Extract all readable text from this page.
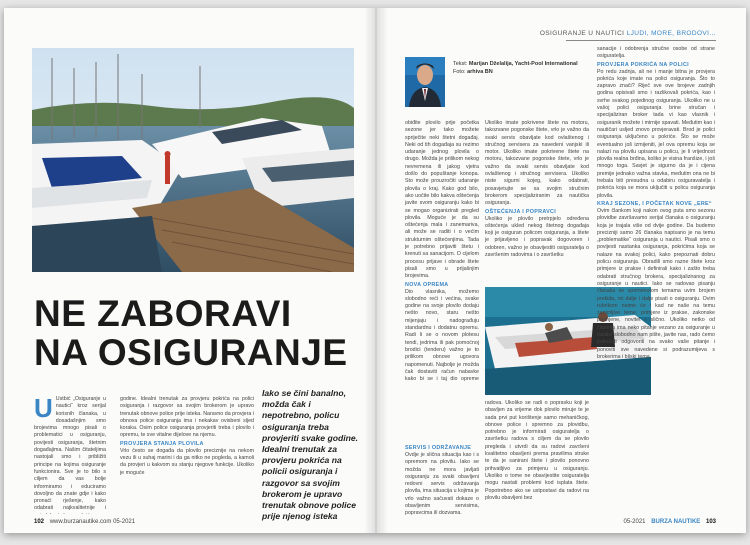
NE ZABORAVI
NA OSIGURANJE
U Ustbić „Osiguranje u nautici“ kroz serijal korisnih članaka, u dosadašnjim smo brojevima mnogo pisali o problematici u osiguranju, povijesti osiguranja, štetnim događajima. Našim čitateljima nastojali smo i približiti principe na kojima osiguranje funkcionira. Sve je to bilo s ciljem da vas bolje informiramo i educiramo dovoljno da znate gdje i kako pronaći rješenje, kako odabrati najkvalitetnije i

godine. Idealni trenutak za provjeru pokrića na polici osiguranja i razgovor sa svojim brokerom je upravo trenutak obnove police prije isteka. Naravno da provjera i obnova police osiguranja ima i nekakav ovisbeni sljed koraka. Osim police osiguranja provjeriti treba i plovilo i opremu, te sve vitalne dijelove na njemu.

PROVJERA STANJA PLOVILA

Vrlo često se događa da plovilo preciznije na nekom vezu ili u suhaj marini i da ga nitko ne pogleda, a kamoli da provjeri u kakvom su stanju njegove funkcije. Ukoliko je moguće

Iako se čini banalno, možda čak i nepotrebno, policu osiguranja treba provjeriti svake godine. Idealni trenutak za provjeru pokrića na policii osiguranja i razgovor sa svojim brokerom je upravo trenutak obnove police prije njenog isteka
102 www.burzanautike.com 05-2021
OSIGURANJE U NAUTICI LJUDI, MORE, BRODOVI...
Tekst: Marijan Dželalija, Yacht-Pool International
Foto: arhiva BN

obiđite plovilo prije početka sezone jer tako možete spriječite neki štetni događaj. Neki od tih događaja su rezimo udaranje jednog plovila o drugo. Možda je prilikom nekog nevremena ili jakog vjetra došlo do popuštanje konopa. Sto može prouzročiti udaranje plovila o kraj. Kako god bilo, ako uočite bilo kakva oštećenja javite svom osiguranju kako bi se mogao organizirati pregled plovila. Moguće je da su oštećenja mala i zanemariva, ali može se raditi i o većim strukturnim oštećenjima. Tada je potrebno prijaviti štetu i krenuti sa sanacijom. O cijelom procesu prijave i obrade štete pisali smo u prijašnjim brojevima.

NOVA OPREMA

Dio vlasnika, možemo slobodno reći i većina, svake godine na svoje plovilo dodaju nešto novo, staru nešto mijenjaju i nadograđuju standardnu i dodatnu opremu. Radi li se o novom plotesu tendi, jedrima ili pak pomoćnoj brodici (tenderu) važno je to prilikom obnove ugovora napomenuti. Najbolje je možda čak dostaviti račun nabavke kako bi se i taj dio opreme

SERVIS I ODRŽAVANJE

Ovdje je slična situacija kao i s opremom na plovilu. Iako se možda ne mora javljati osiguranju za svaki obavljeni redovni servis održavanja plovila, ima situacija u kojima je vrlo važno sačuvati dokaze o obavljenim servisima, popravcima ili dozvama.

Ukoliko imate pokrivene štete na motoru, takozvane pogonske štete, vrlo je važno da svaki servis obavljate kod ovlaštenog i stručnog servisera za navedeni vanjski ili motor. Ukoliko imate pokrivene štete na motoru, takozvane pogonske štete, vrlo je važno da svaki servis obavljate kod ovlaštenog i stručnog servisera. Ukoliko niste sigurni kojeg, kako odabrati, posavjetujte se sa svojim stručnim brokerom specijaliziranim za nautička osiguranja.

OŠTEĆENJA I POPRAVCI

Ukoliko je plovilo pretrpjelo određena oštećenja ukled nekog štetnog događaja koji je osiguran policom osiguranja, a štete je prijavljeno i popravak dogovoren i odobren, važno je obavijestiti osiguratelja o završenim radovima i o završetku

radova. Ukoliko se radi o popravku koji je obavljen za vrijeme dok plovilo miruje te je sada prvi put korištenje samo mehaničkog, obnove police i spremno za plovidbu, potrebno je informirati osiguratelja o završetku radova s ciljem da se plovilo pregleda i utvrdi da su radovi završeni kvalitetno obavljeni prema pravilima struke te da je sanirani štete i plovilo ponovno prihvatljivo za primjenu u osiguranju. Ukoliko o tome ne obavijestite osiguratelja mogu nastati problemi kod isplata štete. Popotrebno ako se ustpostavi da radovi na plovilu obavljeni bez

sanacije i odobrenja stručne osobe od strane osiguratelja.

PROVJERA POKRIĆA NA POLICI

Po redu zadnja, ali ne i manje bitna je provjera pokrića koje imate na polici osiguranja. Što to zapravo znači? Riječ sve ove brojeve zadnjih godina opisivali smo i razlikovali pokrića, kao i svrhe svakog pojedinog osiguranja. Ukoliko ne u vašoj polici osiguranja brine stručan i specijaliziran broker tada vi kao vlasnik i osiguranik možete i mirnije spavati. Međutim kao i nautičari usljed znovo provjeravati. Brod je polici osiguranja uključeno u pokriće. Što se može eventualno još izmijeniti, jel ova opremu koja se nalazi na plovilu upisana u policu, je li vrijednost plovila realna brđina, koliko je visina franšize, i još mnogo toga. Savjet je sigurno da je i cijena premije jednako važna stavka, međutim ona ne bi trebala biti presudna u odabiru osiguravatelja i pokrića koja se mora uključiti u policu osiguranja plovila.

KRAJ SEZONE, I POČETAK NOVE „ERE“

Ovim člankom koji nakon ovog puta smo sezonu plovidbe završavamo serijal članaka o osiguranju koja je trajala više od dvije godine. Da budemo precizniji samo 26 članaka napisano je na temu „problematike“ osiguranja u nautici. Pisali smo o povijesti nastanka osiguranja, pokrićima koja se nalaze na svakoj polici, kako prepoznati dobru policu osiguranja. Obradili smo razne štete kroz primjere iz prakse i definirali kako i zašto treba odabrati stručnog brokera, specijaliziranog za osiguranje u nautici. Iako se radovao pisanju članaka se spomenutom temama uvim brojem prekida, mi dalje i dalje pisati o osiguranju. Ovim rubrikom naime će i kad ne naše na temu zanimljive teme, primjere iz prakse, zakonske promjene, novitet i slično. Ukoliko netko od čitatelja ima neko pitanje vezano za osiguranje u nautici slobodno nam pište, javite nas, rado ćemo pokušati odgovoriti na svako vaše pitanje i ponoviti sve navedene si podrazumijeva s brokerima i bliski tema.

05-2021 BURZA NAUTIKE 103
